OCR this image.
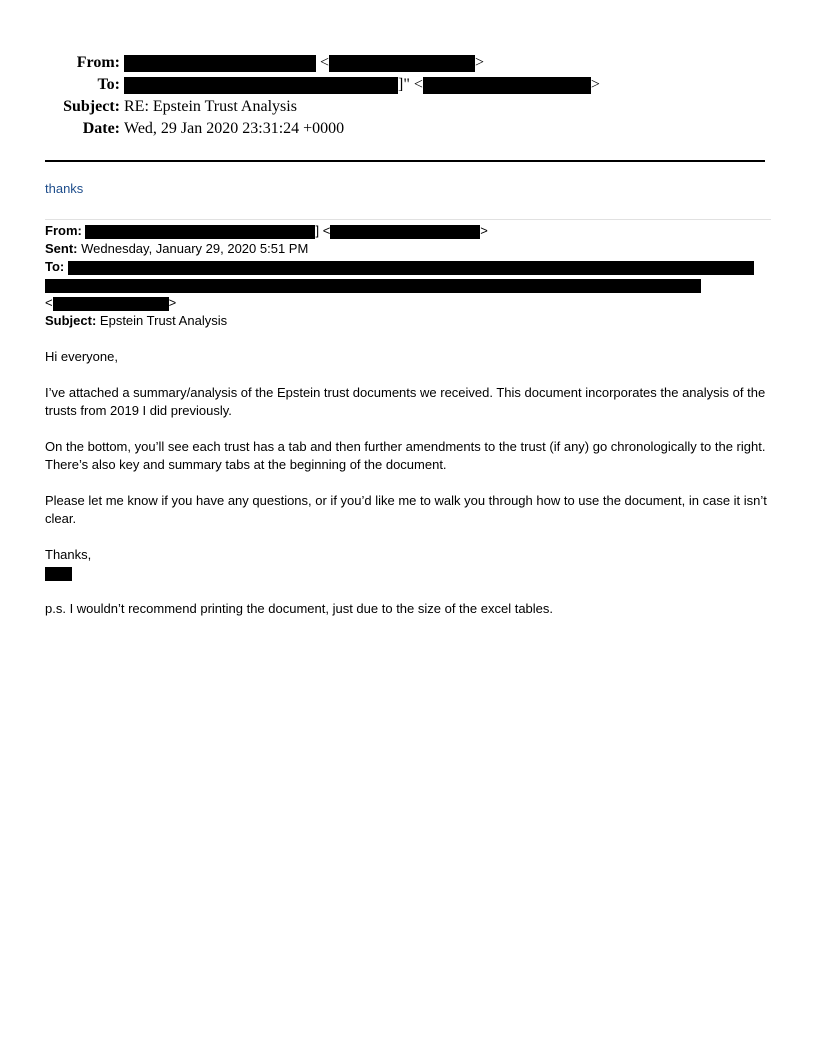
From:	<	>
To:	]" <	>
Subject: RE: Epstein Trust Analysis
Date: Wed, 29 Jan 2020 23:31:24 +0000
thanks
From:	] <	>
Sent: Wednesday, January 29, 2020 5:51 PM
To:
<	>
Subject: Epstein Trust Analysis

Hi everyone,

I’ve attached a summary/analysis of the Epstein trust documents we received. This document incorporates the analysis of the trusts from 2019 I did previously.

On the bottom, you’ll see each trust has a tab and then further amendments to the trust (if any) go chronologically to the right. There’s also key and summary tabs at the beginning of the document.

Please let me know if you have any questions, or if you’d like me to walk you through how to use the document, in case it isn’t clear.

Thanks,

p.s. I wouldn’t recommend printing the document, just due to the size of the excel tables.
